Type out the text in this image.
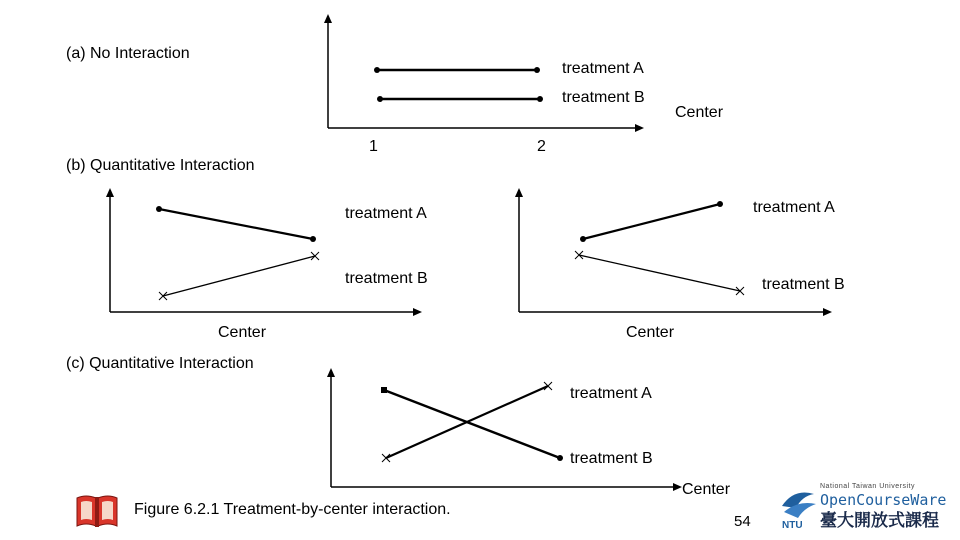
(a) No Interaction
treatment A
treatment B
Center
1	2
(b) Quantitative Interaction
treatment A
treatment B
Center
treatment A
treatment B
Center
(c) Quantitative Interaction
treatment A
treatment B
Center
Figure 6.2.1 Treatment-by-center interaction.
54	NTU
National Taiwan University
OpenCourseWare
臺大開放式課程
